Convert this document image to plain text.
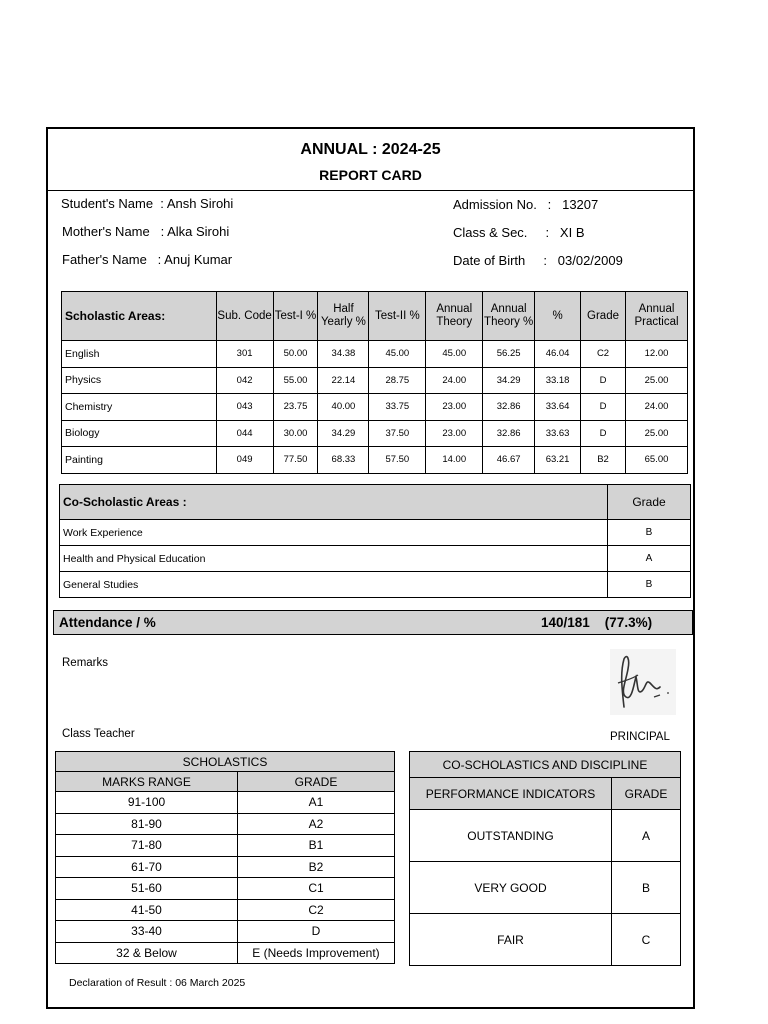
ANNUAL : 2024-25
REPORT CARD
Student's Name  : Ansh Sirohi
Mother's Name   : Alka Sirohi
Father's Name   : Anuj Kumar
Admission No.   :   13207
Class & Sec.     :   XI B
Date of Birth     :   03/02/2009
Scholastic Areas:	Sub. Code	Test-I %	Half Yearly %	Test-II %	Annual Theory	Annual Theory %	%	Grade	Annual Practical
English	301	50.00	34.38	45.00	45.00	56.25	46.04	C2	12.00
Physics	042	55.00	22.14	28.75	24.00	34.29	33.18	D	25.00
Chemistry	043	23.75	40.00	33.75	23.00	32.86	33.64	D	24.00
Biology	044	30.00	34.29	37.50	23.00	32.86	33.63	D	25.00
Painting	049	77.50	68.33	57.50	14.00	46.67	63.21	B2	65.00
Co-Scholastic Areas :	Grade
Work Experience	B
Health and Physical Education	A
General Studies	B
Attendance / %	140/181    (77.3%)
Remarks
Class Teacher	PRINCIPAL
SCHOLASTICS	
MARKS RANGE	GRADE
91-100	A1
81-90	A2
71-80	B1
61-70	B2
51-60	C1
41-50	C2
33-40	D
32 & Below	E (Needs Improvement)
CO-SCHOLASTICS AND DISCIPLINE	
PERFORMANCE INDICATORS	GRADE
OUTSTANDING	A
VERY GOOD	B
FAIR	C
Declaration of Result : 06 March 2025
